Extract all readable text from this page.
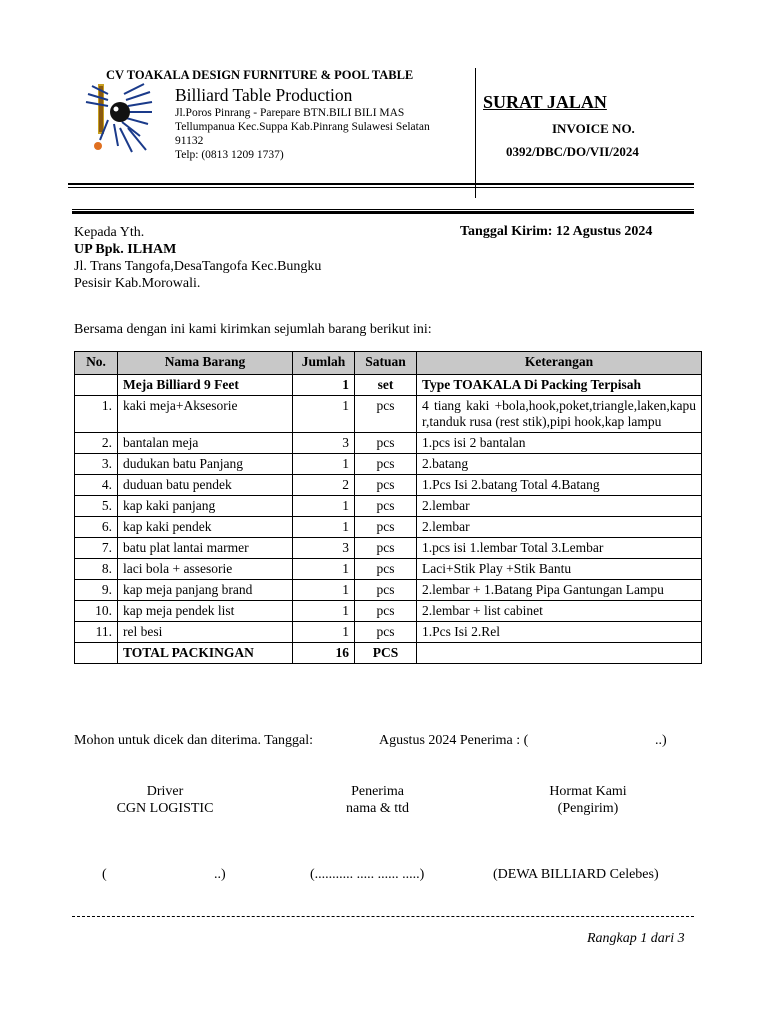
CV TOAKALA DESIGN FURNITURE & POOL TABLE
Billiard Table Production
Jl.Poros Pinrang - Parepare BTN.BILI BILI MAS
Tellumpanua Kec.Suppa Kab.Pinrang Sulawesi Selatan
91132
Telp: (0813 1209 1737)
SURAT JALAN
INVOICE NO.
0392/DBC/DO/VII/2024
Kepada Yth.
UP Bpk. ILHAM
Jl. Trans Tangofa,DesaTangofa Kec.Bungku
Pesisir Kab.Morowali.
Tanggal Kirim: 12 Agustus 2024
Bersama dengan ini kami kirimkan sejumlah barang berikut ini:
No.	Nama Barang	Jumlah	Satuan	Keterangan
	Meja Billiard 9 Feet	1	set	Type TOAKALA Di Packing Terpisah
1.	kaki meja+Aksesorie	1	pcs	4 tiang kaki +bola,hook,poket,triangle,laken,kapur,tanduk rusa (rest stik),pipi hook,kap lampu
2.	bantalan meja	3	pcs	1.pcs isi 2 bantalan
3.	dudukan batu Panjang	1	pcs	2.batang
4.	duduan batu pendek	2	pcs	1.Pcs Isi 2.batang Total 4.Batang
5.	kap kaki panjang	1	pcs	2.lembar
6.	kap kaki pendek	1	pcs	2.lembar
7.	batu plat lantai marmer	3	pcs	1.pcs isi 1.lembar Total 3.Lembar
8.	laci bola + assesorie	1	pcs	Laci+Stik Play +Stik Bantu
9.	kap meja panjang brand	1	pcs	2.lembar + 1.Batang Pipa Gantungan Lampu
10.	kap meja pendek list	1	pcs	2.lembar + list cabinet
11.	rel besi	1	pcs	1.Pcs Isi 2.Rel
	TOTAL PACKINGAN	16	PCS	
Mohon untuk dicek dan diterima. Tanggal:	Agustus 2024 Penerima : (	..)
Driver
CGN LOGISTIC
Penerima
nama & ttd
Hormat Kami
(Pengirim)
(	..)	(........... ..... ...... .....)	(DEWA BILLIARD Celebes)
Rangkap 1 dari 3
